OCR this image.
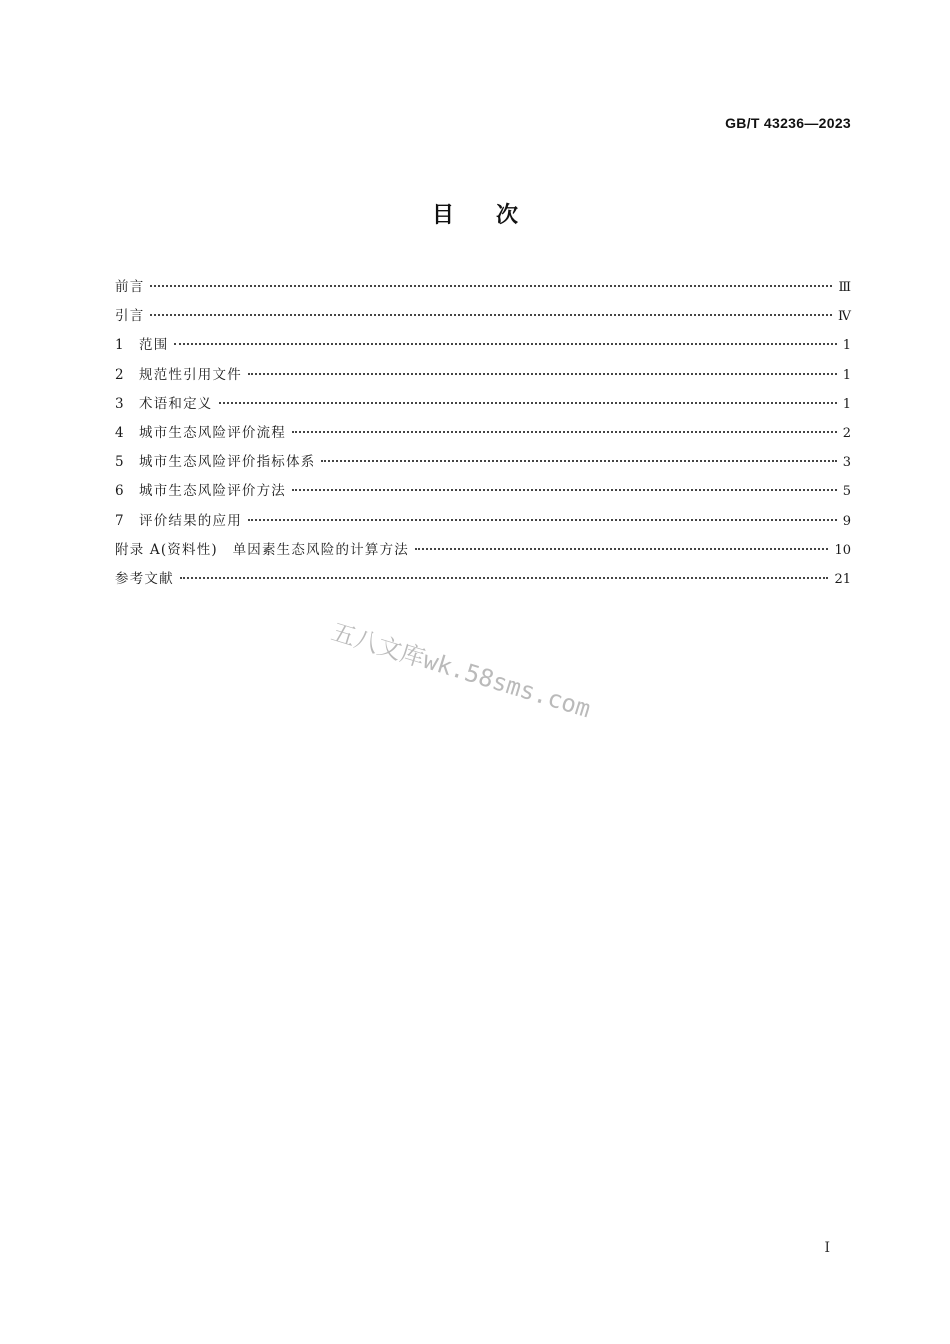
GB/T 43236—2023
目 次
前言	Ⅲ
引言	Ⅳ
1	范围	1
2	规范性引用文件	1
3	术语和定义	1
4	城市生态风险评价流程	2
5	城市生态风险评价指标体系	3
6	城市生态风险评价方法	5
7	评价结果的应用	9
附录 A(资料性)　单因素生态风险的计算方法	10
参考文献	21
五八文库wk.58sms.com
I
